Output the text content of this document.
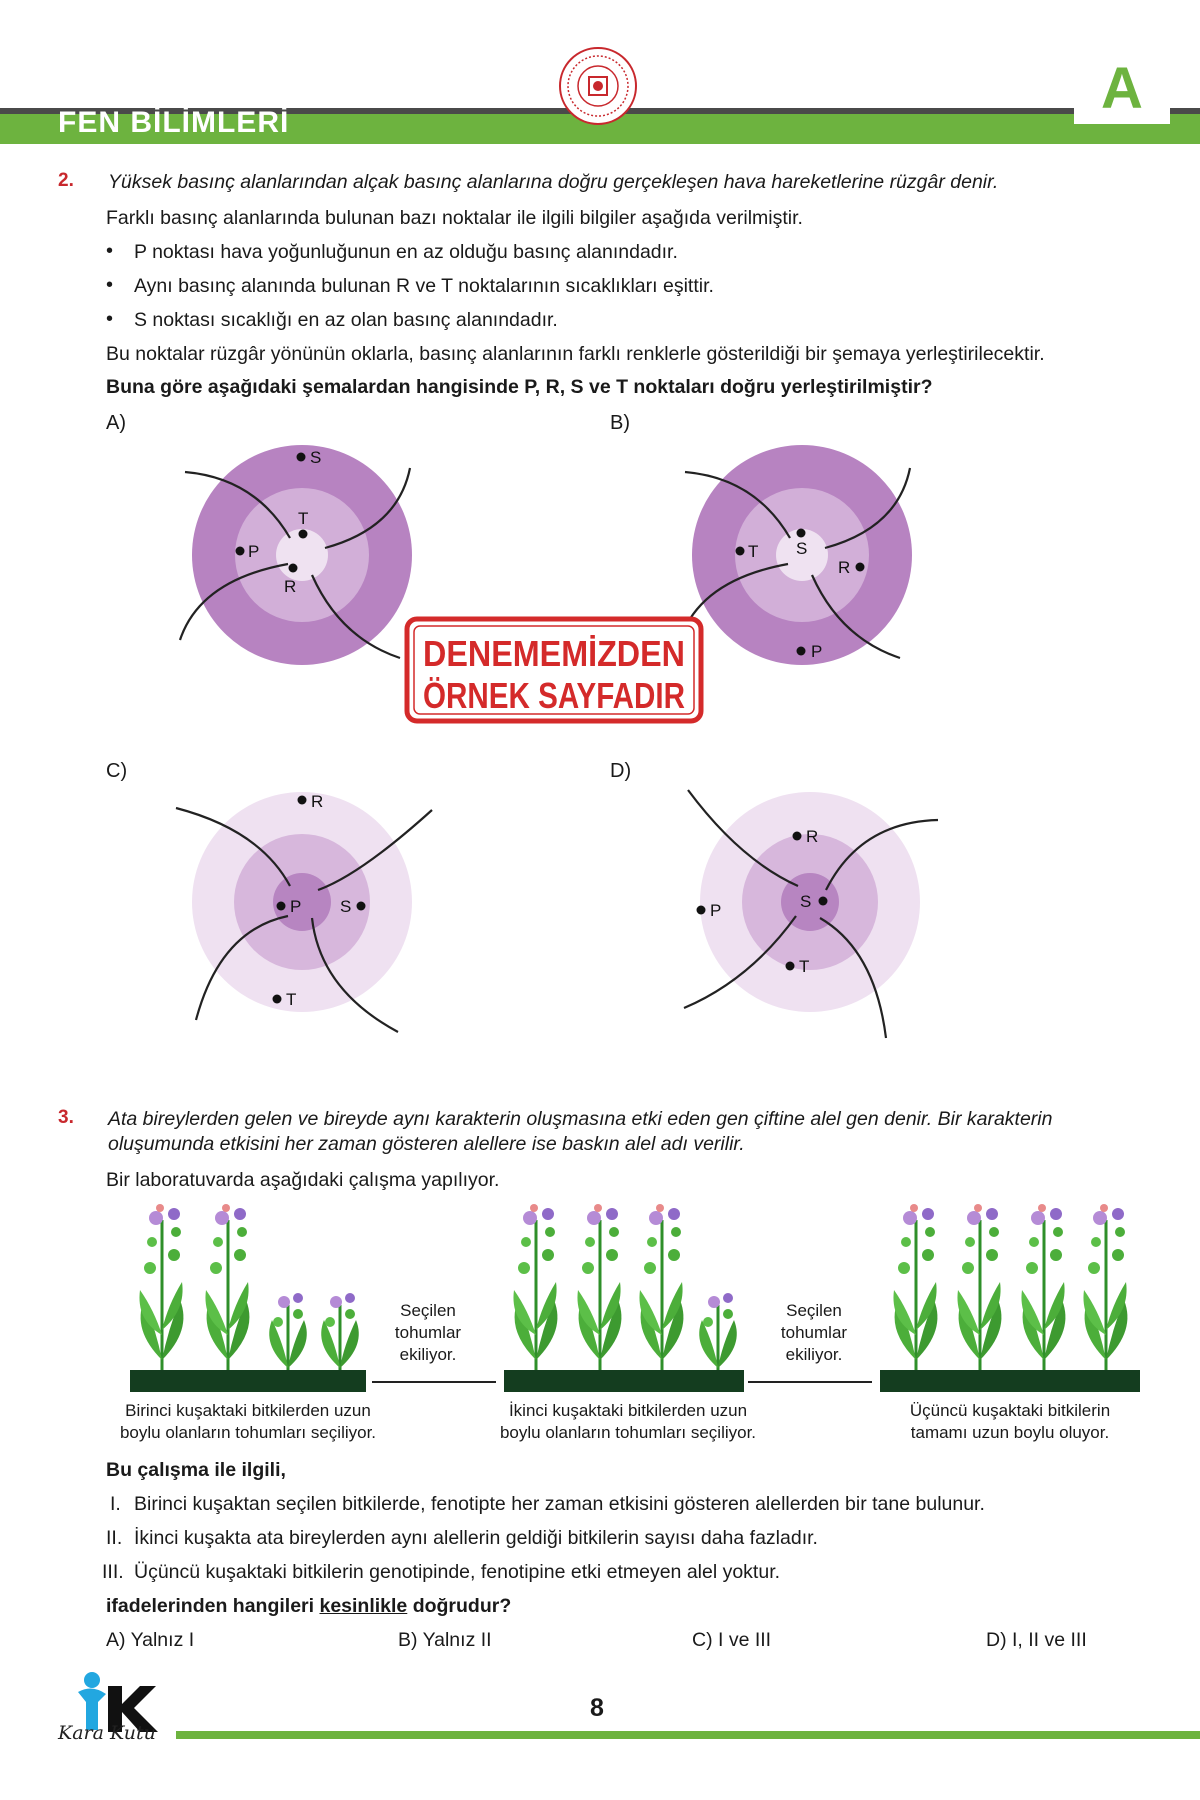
FEN BİLİMLERİ
A
2. Yüksek basınç alanlarından alçak basınç alanlarına doğru gerçekleşen hava hareketlerine rüzgâr denir.
Farklı basınç alanlarında bulunan bazı noktalar ile ilgili bilgiler aşağıda verilmiştir.
• P noktası hava yoğunluğunun en az olduğu basınç alanındadır.
• Aynı basınç alanında bulunan R ve T noktalarının sıcaklıkları eşittir.
• S noktası sıcaklığı en az olan basınç alanındadır.
Bu noktalar rüzgâr yönünün oklarla, basınç alanlarının farklı renklerle gösterildiği bir şemaya yerleştirilecektir.
Buna göre aşağıdaki şemalardan hangisinde P, R, S ve T noktaları doğru yerleştirilmiştir?
A)	B)
C)	D)
S
T
P
R
T S
R
P
DENEMEMİZDEN
ÖRNEK SAYFADIR
R
P S
T
R
P	S
T
3. Ata bireylerden gelen ve bireyde aynı karakterin oluşmasına etki eden gen çiftine alel gen denir. Bir karakterin
oluşumunda etkisini her zaman gösteren alellere ise baskın alel adı verilir.
Bir laboratuvarda aşağıdaki çalışma yapılıyor.
Seçilen
tohumlar
ekiliyor.
Seçilen
tohumlar
ekiliyor.
Birinci kuşaktaki bitkilerden uzun
boylu olanların tohumları seçiliyor.
İkinci kuşaktaki bitkilerden uzun
boylu olanların tohumları seçiliyor.
Üçüncü kuşaktaki bitkilerin
tamamı uzun boylu oluyor.
Bu çalışma ile ilgili,
I. Birinci kuşaktan seçilen bitkilerde, fenotipte her zaman etkisini gösteren alellerden bir tane bulunur.
II. İkinci kuşakta ata bireylerden aynı alellerin geldiği bitkilerin sayısı daha fazladır.
III. Üçüncü kuşaktaki bitkilerin genotipinde, fenotipine etki etmeyen alel yoktur.
ifadelerinden hangileri kesinlikle doğrudur?
A) Yalnız I	B) Yalnız II	C) I ve III	D) I, II ve III
Kara Kutu
8
